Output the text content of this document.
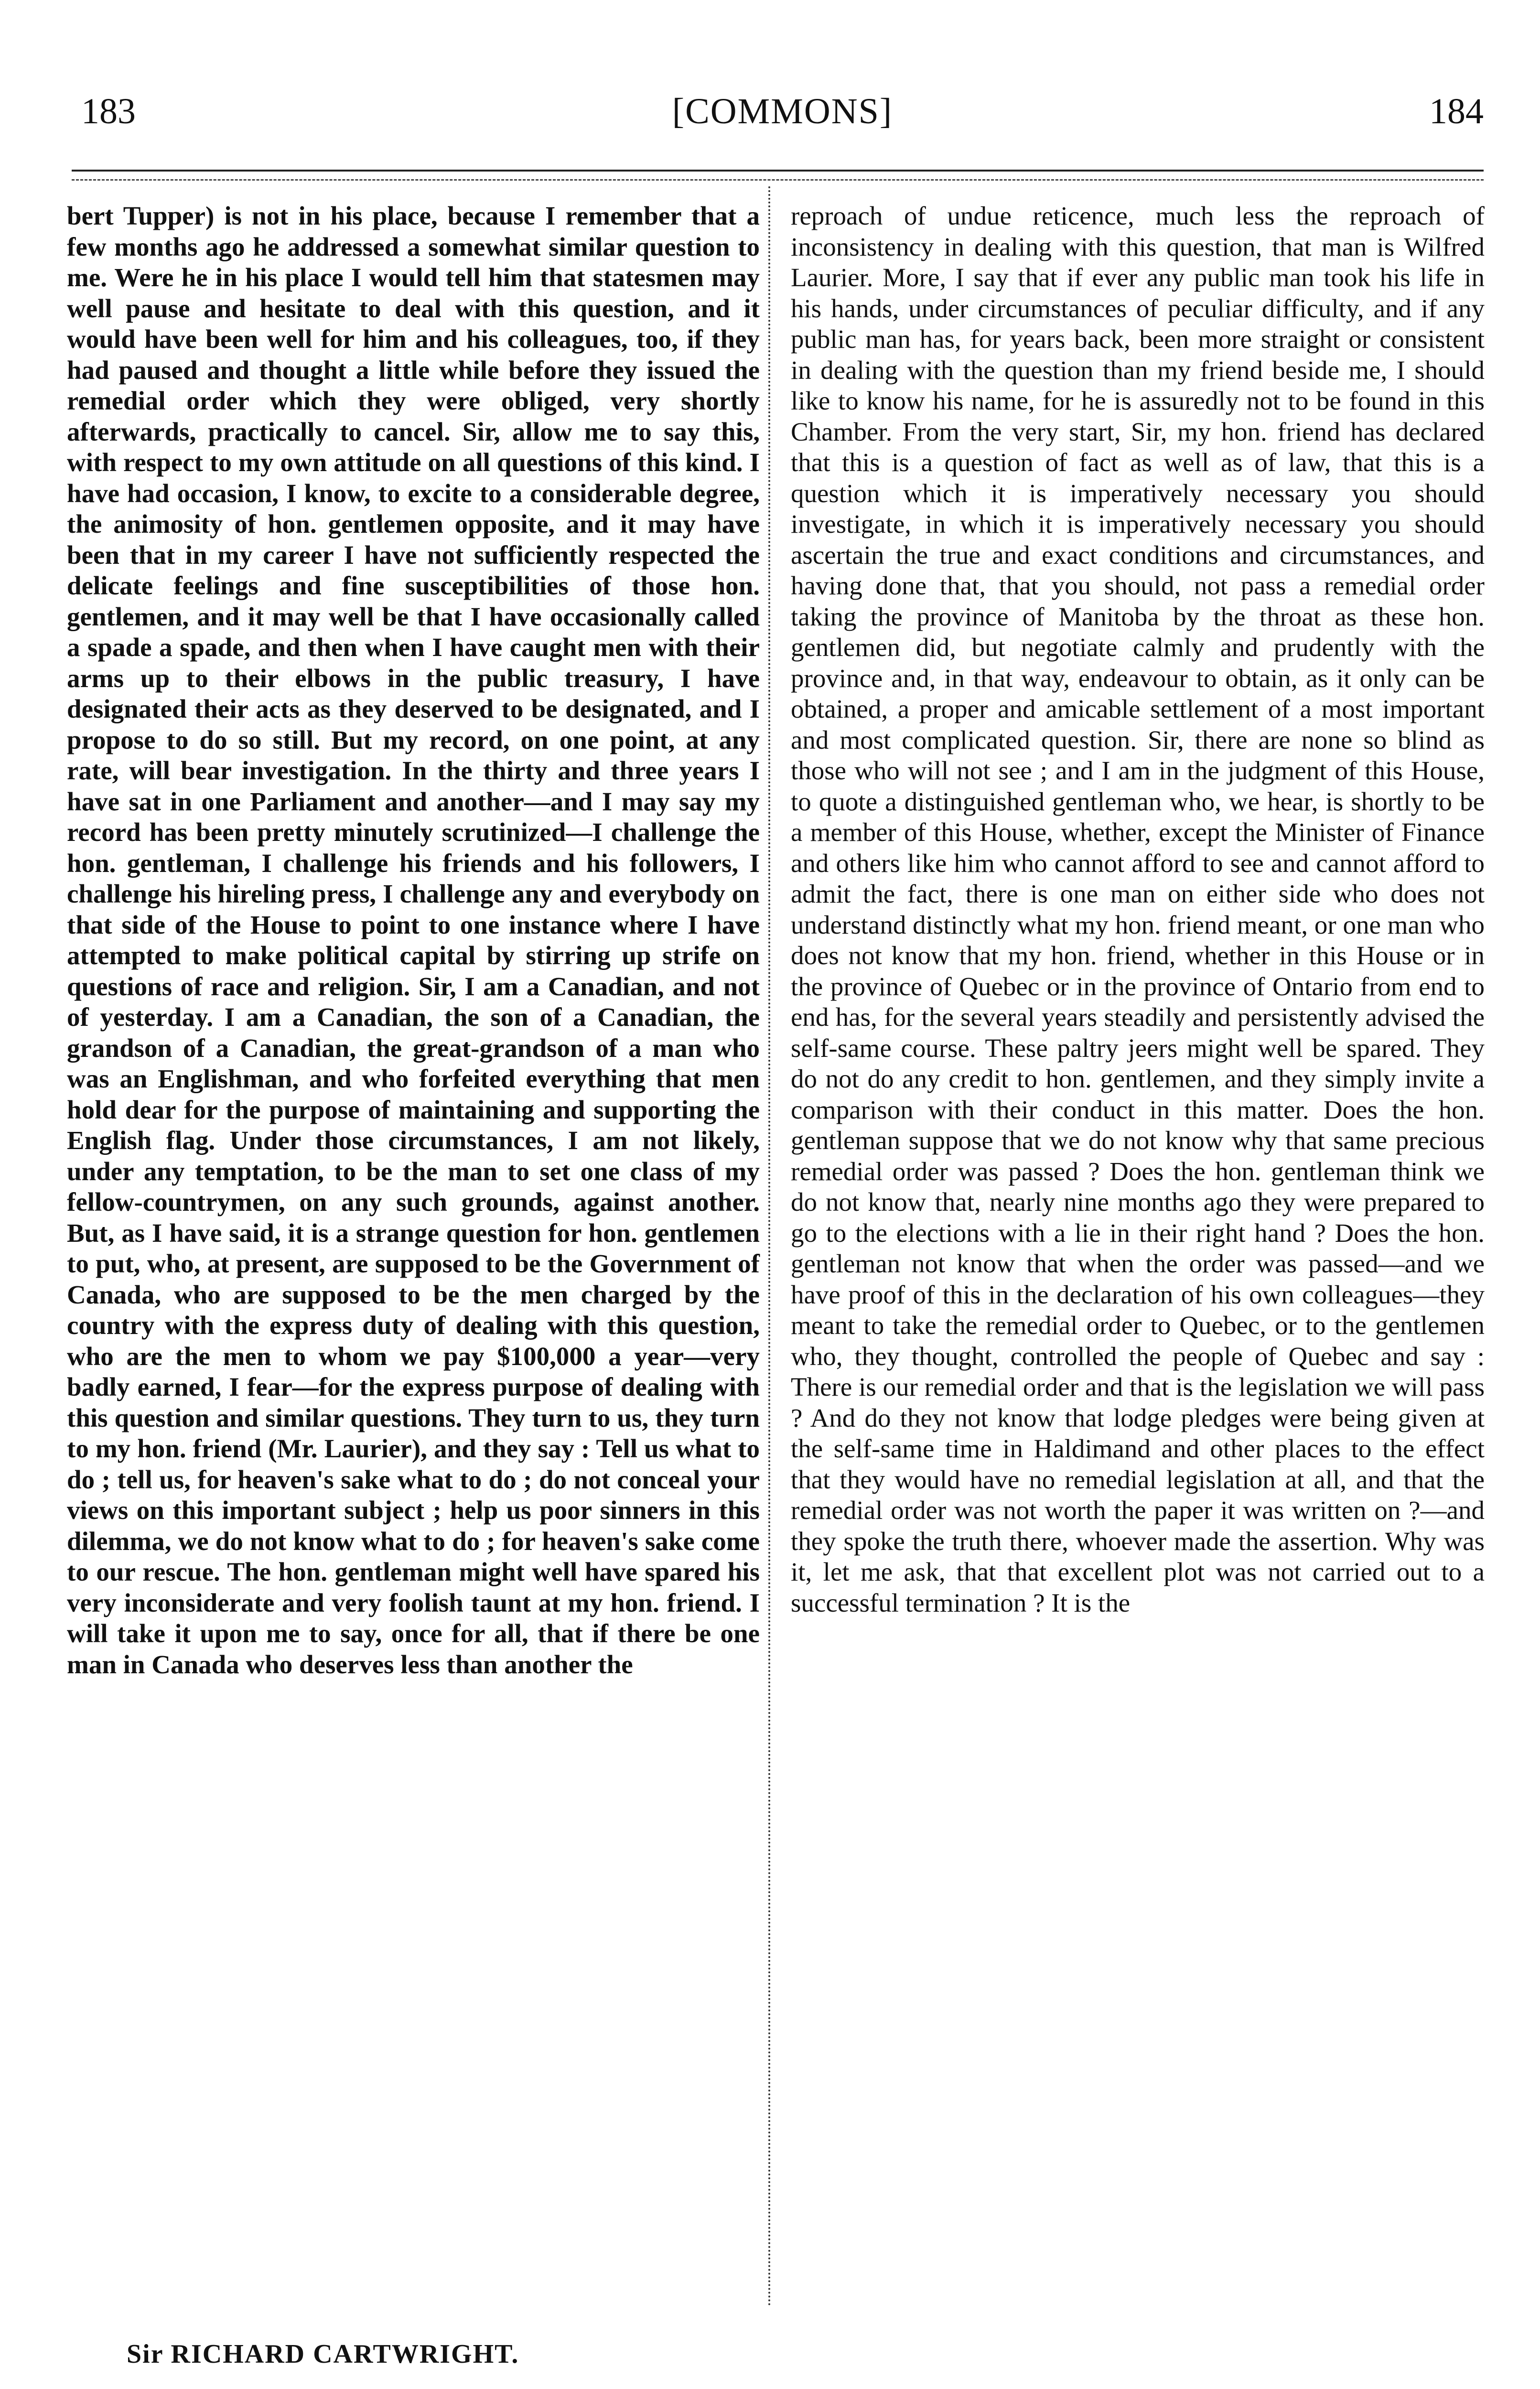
183	[COMMONS]	184

bert Tupper) is not in his place, because I remember that a few months ago he addressed a somewhat similar question to me. Were he in his place I would tell him that statesmen may well pause and hesitate to deal with this question, and it would have been well for him and his colleagues, too, if they had paused and thought a little while before they issued the remedial order which they were obliged, very shortly afterwards, practically to cancel. Sir, allow me to say this, with respect to my own attitude on all questions of this kind. I have had occasion, I know, to excite to a considerable degree, the animosity of hon. gentlemen opposite, and it may have been that in my career I have not sufficiently respected the delicate feelings and fine susceptibilities of those hon. gentlemen, and it may well be that I have occasionally called a spade a spade, and then when I have caught men with their arms up to their elbows in the public treasury, I have designated their acts as they deserved to be designated, and I propose to do so still. But my record, on one point, at any rate, will bear investigation. In the thirty and three years I have sat in one Parliament and another—and I may say my record has been pretty minutely scrutinized—I challenge the hon. gentleman, I challenge his friends and his followers, I challenge his hireling press, I challenge any and everybody on that side of the House to point to one instance where I have attempted to make political capital by stirring up strife on questions of race and religion. Sir, I am a Canadian, and not of yesterday. I am a Canadian, the son of a Canadian, the grandson of a Canadian, the great-grandson of a man who was an Englishman, and who forfeited everything that men hold dear for the purpose of maintaining and supporting the English flag. Under those circumstances, I am not likely, under any temptation, to be the man to set one class of my fellow-countrymen, on any such grounds, against another. But, as I have said, it is a strange question for hon. gentlemen to put, who, at present, are supposed to be the Government of Canada, who are supposed to be the men charged by the country with the express duty of dealing with this question, who are the men to whom we pay $100,000 a year—very badly earned, I fear—for the express purpose of dealing with this question and similar questions. They turn to us, they turn to my hon. friend (Mr. Laurier), and they say : Tell us what to do ; tell us, for heaven's sake what to do ; do not conceal your views on this important subject ; help us poor sinners in this dilemma, we do not know what to do ; for heaven's sake come to our rescue. The hon. gentleman might well have spared his very inconsiderate and very foolish taunt at my hon. friend. I will take it upon me to say, once for all, that if there be one man in Canada who deserves less than another the

reproach of undue reticence, much less the reproach of inconsistency in dealing with this question, that man is Wilfred Laurier. More, I say that if ever any public man took his life in his hands, under circumstances of peculiar difficulty, and if any public man has, for years back, been more straight or consistent in dealing with the question than my friend beside me, I should like to know his name, for he is assuredly not to be found in this Chamber. From the very start, Sir, my hon. friend has declared that this is a question of fact as well as of law, that this is a question which it is imperatively necessary you should investigate, in which it is imperatively necessary you should ascertain the true and exact conditions and circumstances, and having done that, that you should, not pass a remedial order taking the province of Manitoba by the throat as these hon. gentlemen did, but negotiate calmly and prudently with the province and, in that way, endeavour to obtain, as it only can be obtained, a proper and amicable settlement of a most important and most complicated question. Sir, there are none so blind as those who will not see ; and I am in the judgment of this House, to quote a distinguished gentleman who, we hear, is shortly to be a member of this House, whether, except the Minister of Finance and others like him who cannot afford to see and cannot afford to admit the fact, there is one man on either side who does not understand distinctly what my hon. friend meant, or one man who does not know that my hon. friend, whether in this House or in the province of Quebec or in the province of Ontario from end to end has, for the several years steadily and persistently advised the self-same course. These paltry jeers might well be spared. They do not do any credit to hon. gentlemen, and they simply invite a comparison with their conduct in this matter. Does the hon. gentleman suppose that we do not know why that same precious remedial order was passed ? Does the hon. gentleman think we do not know that, nearly nine months ago they were prepared to go to the elections with a lie in their right hand ? Does the hon. gentleman not know that when the order was passed—and we have proof of this in the declaration of his own colleagues—they meant to take the remedial order to Quebec, or to the gentlemen who, they thought, controlled the people of Quebec and say : There is our remedial order and that is the legislation we will pass ? And do they not know that lodge pledges were being given at the self-same time in Haldimand and other places to the effect that they would have no remedial legislation at all, and that the remedial order was not worth the paper it was written on ?—and they spoke the truth there, whoever made the assertion. Why was it, let me ask, that that excellent plot was not carried out to a successful termination ? It is the

Sir RICHARD CARTWRIGHT.
